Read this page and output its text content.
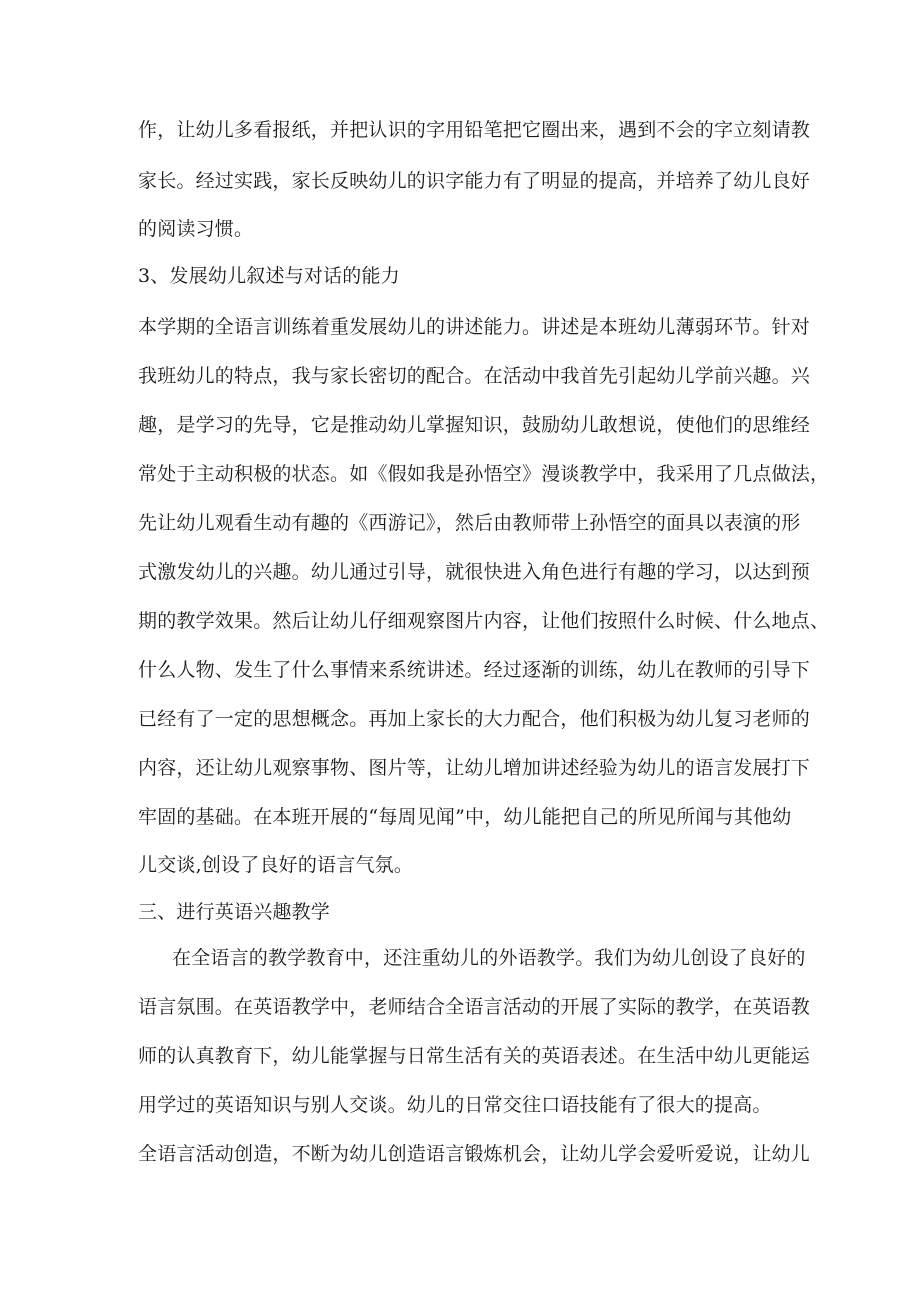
作，让幼儿多看报纸，并把认识的字用铅笔把它圈出来，遇到不会的字立刻请教
家长。经过实践，家长反映幼儿的识字能力有了明显的提高，并培养了幼儿良好
的阅读习惯。
3、发展幼儿叙述与对话的能力
本学期的全语言训练着重发展幼儿的讲述能力。讲述是本班幼儿薄弱环节。针对
我班幼儿的特点，我与家长密切的配合。在活动中我首先引起幼儿学前兴趣。兴
趣，是学习的先导，它是推动幼儿掌握知识，鼓励幼儿敢想说，使他们的思维经
常处于主动积极的状态。如《假如我是孙悟空》漫谈教学中，我采用了几点做法，
先让幼儿观看生动有趣的《西游记》，然后由教师带上孙悟空的面具以表演的形
式激发幼儿的兴趣。幼儿通过引导，就很快进入角色进行有趣的学习，以达到预
期的教学效果。然后让幼儿仔细观察图片内容，让他们按照什么时候、什么地点、
什么人物、发生了什么事情来系统讲述。经过逐渐的训练，幼儿在教师的引导下
已经有了一定的思想概念。再加上家长的大力配合，他们积极为幼儿复习老师的
内容，还让幼儿观察事物、图片等，让幼儿增加讲述经验为幼儿的语言发展打下
牢固的基础。在本班开展的“每周见闻”中，幼儿能把自己的所见所闻与其他幼
儿交谈,创设了良好的语言气氛。
三、进行英语兴趣教学
在全语言的教学教育中，还注重幼儿的外语教学。我们为幼儿创设了良好的
语言氛围。在英语教学中，老师结合全语言活动的开展了实际的教学，在英语教
师的认真教育下，幼儿能掌握与日常生活有关的英语表述。在生活中幼儿更能运
用学过的英语知识与别人交谈。幼儿的日常交往口语技能有了很大的提高。
全语言活动创造，不断为幼儿创造语言锻炼机会，让幼儿学会爱听爱说，让幼儿
